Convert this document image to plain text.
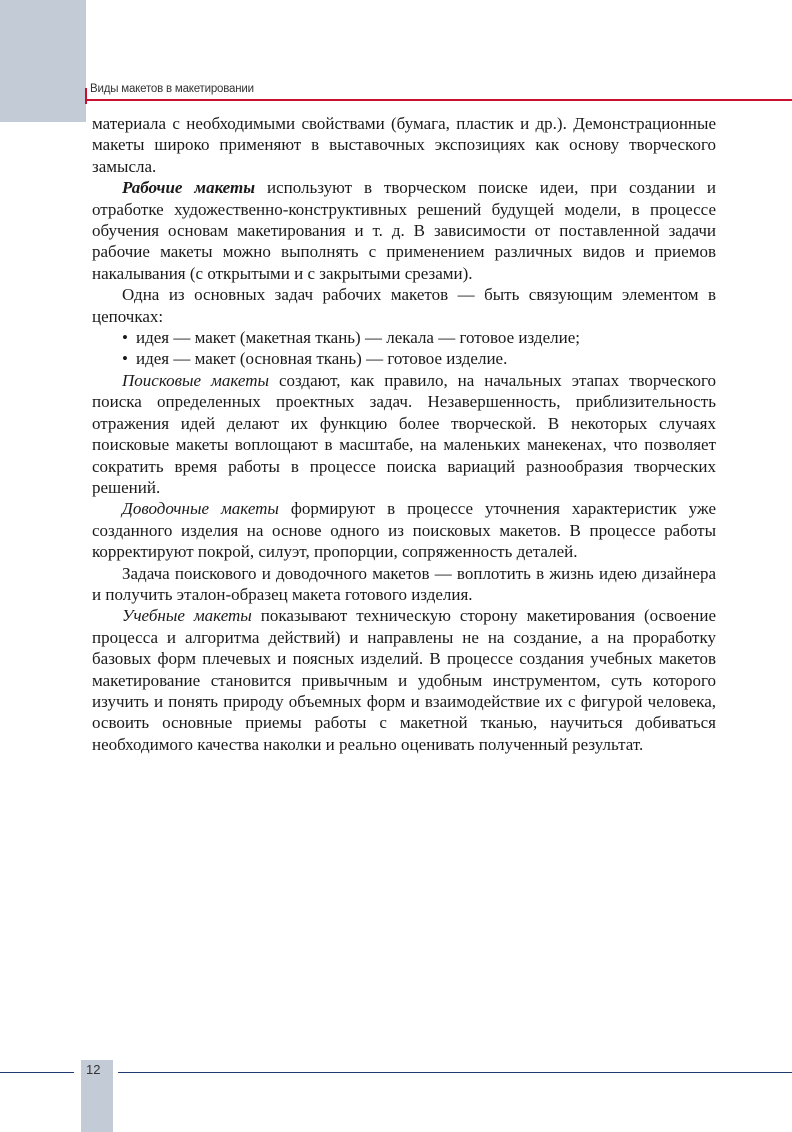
Виды макетов в макетировании

материала с необходимыми свойствами (бумага, пластик и др.). Демонстрационные макеты широко применяют в выставочных экспозициях как основу творческого замысла.

Рабочие макеты используют в творческом поиске идеи, при создании и отработке художественно-конструктивных решений будущей модели, в процессе обучения основам макетирования и т. д. В зависимости от поставленной задачи рабочие макеты можно выполнять с применением различных видов и приемов накалывания (с открытыми и с закрытыми срезами).

Одна из основных задач рабочих макетов — быть связующим элементом в цепочках:

• идея — макет (макетная ткань) — лекала — готовое изделие;
• идея — макет (основная ткань) — готовое изделие.

Поисковые макеты создают, как правило, на начальных этапах творческого поиска определенных проектных задач. Незавершенность, приблизительность отражения идей делают их функцию более творческой. В некоторых случаях поисковые макеты воплощают в масштабе, на маленьких манекенах, что позволяет сократить время работы в процессе поиска вариаций разнообразия творческих решений.

Доводочные макеты формируют в процессе уточнения характеристик уже созданного изделия на основе одного из поисковых макетов. В процессе работы корректируют покрой, силуэт, пропорции, сопряженность деталей.

Задача поискового и доводочного макетов — воплотить в жизнь идею дизайнера и получить эталон-образец макета готового изделия.

Учебные макеты показывают техническую сторону макетирования (освоение процесса и алгоритма действий) и направлены не на создание, а на проработку базовых форм плечевых и поясных изделий. В процессе создания учебных макетов макетирование становится привычным и удобным инструментом, суть которого изучить и понять природу объемных форм и взаимодействие их с фигурой человека, освоить основные приемы работы с макетной тканью, научиться добиваться необходимого качества наколки и реально оценивать полученный результат.

12
